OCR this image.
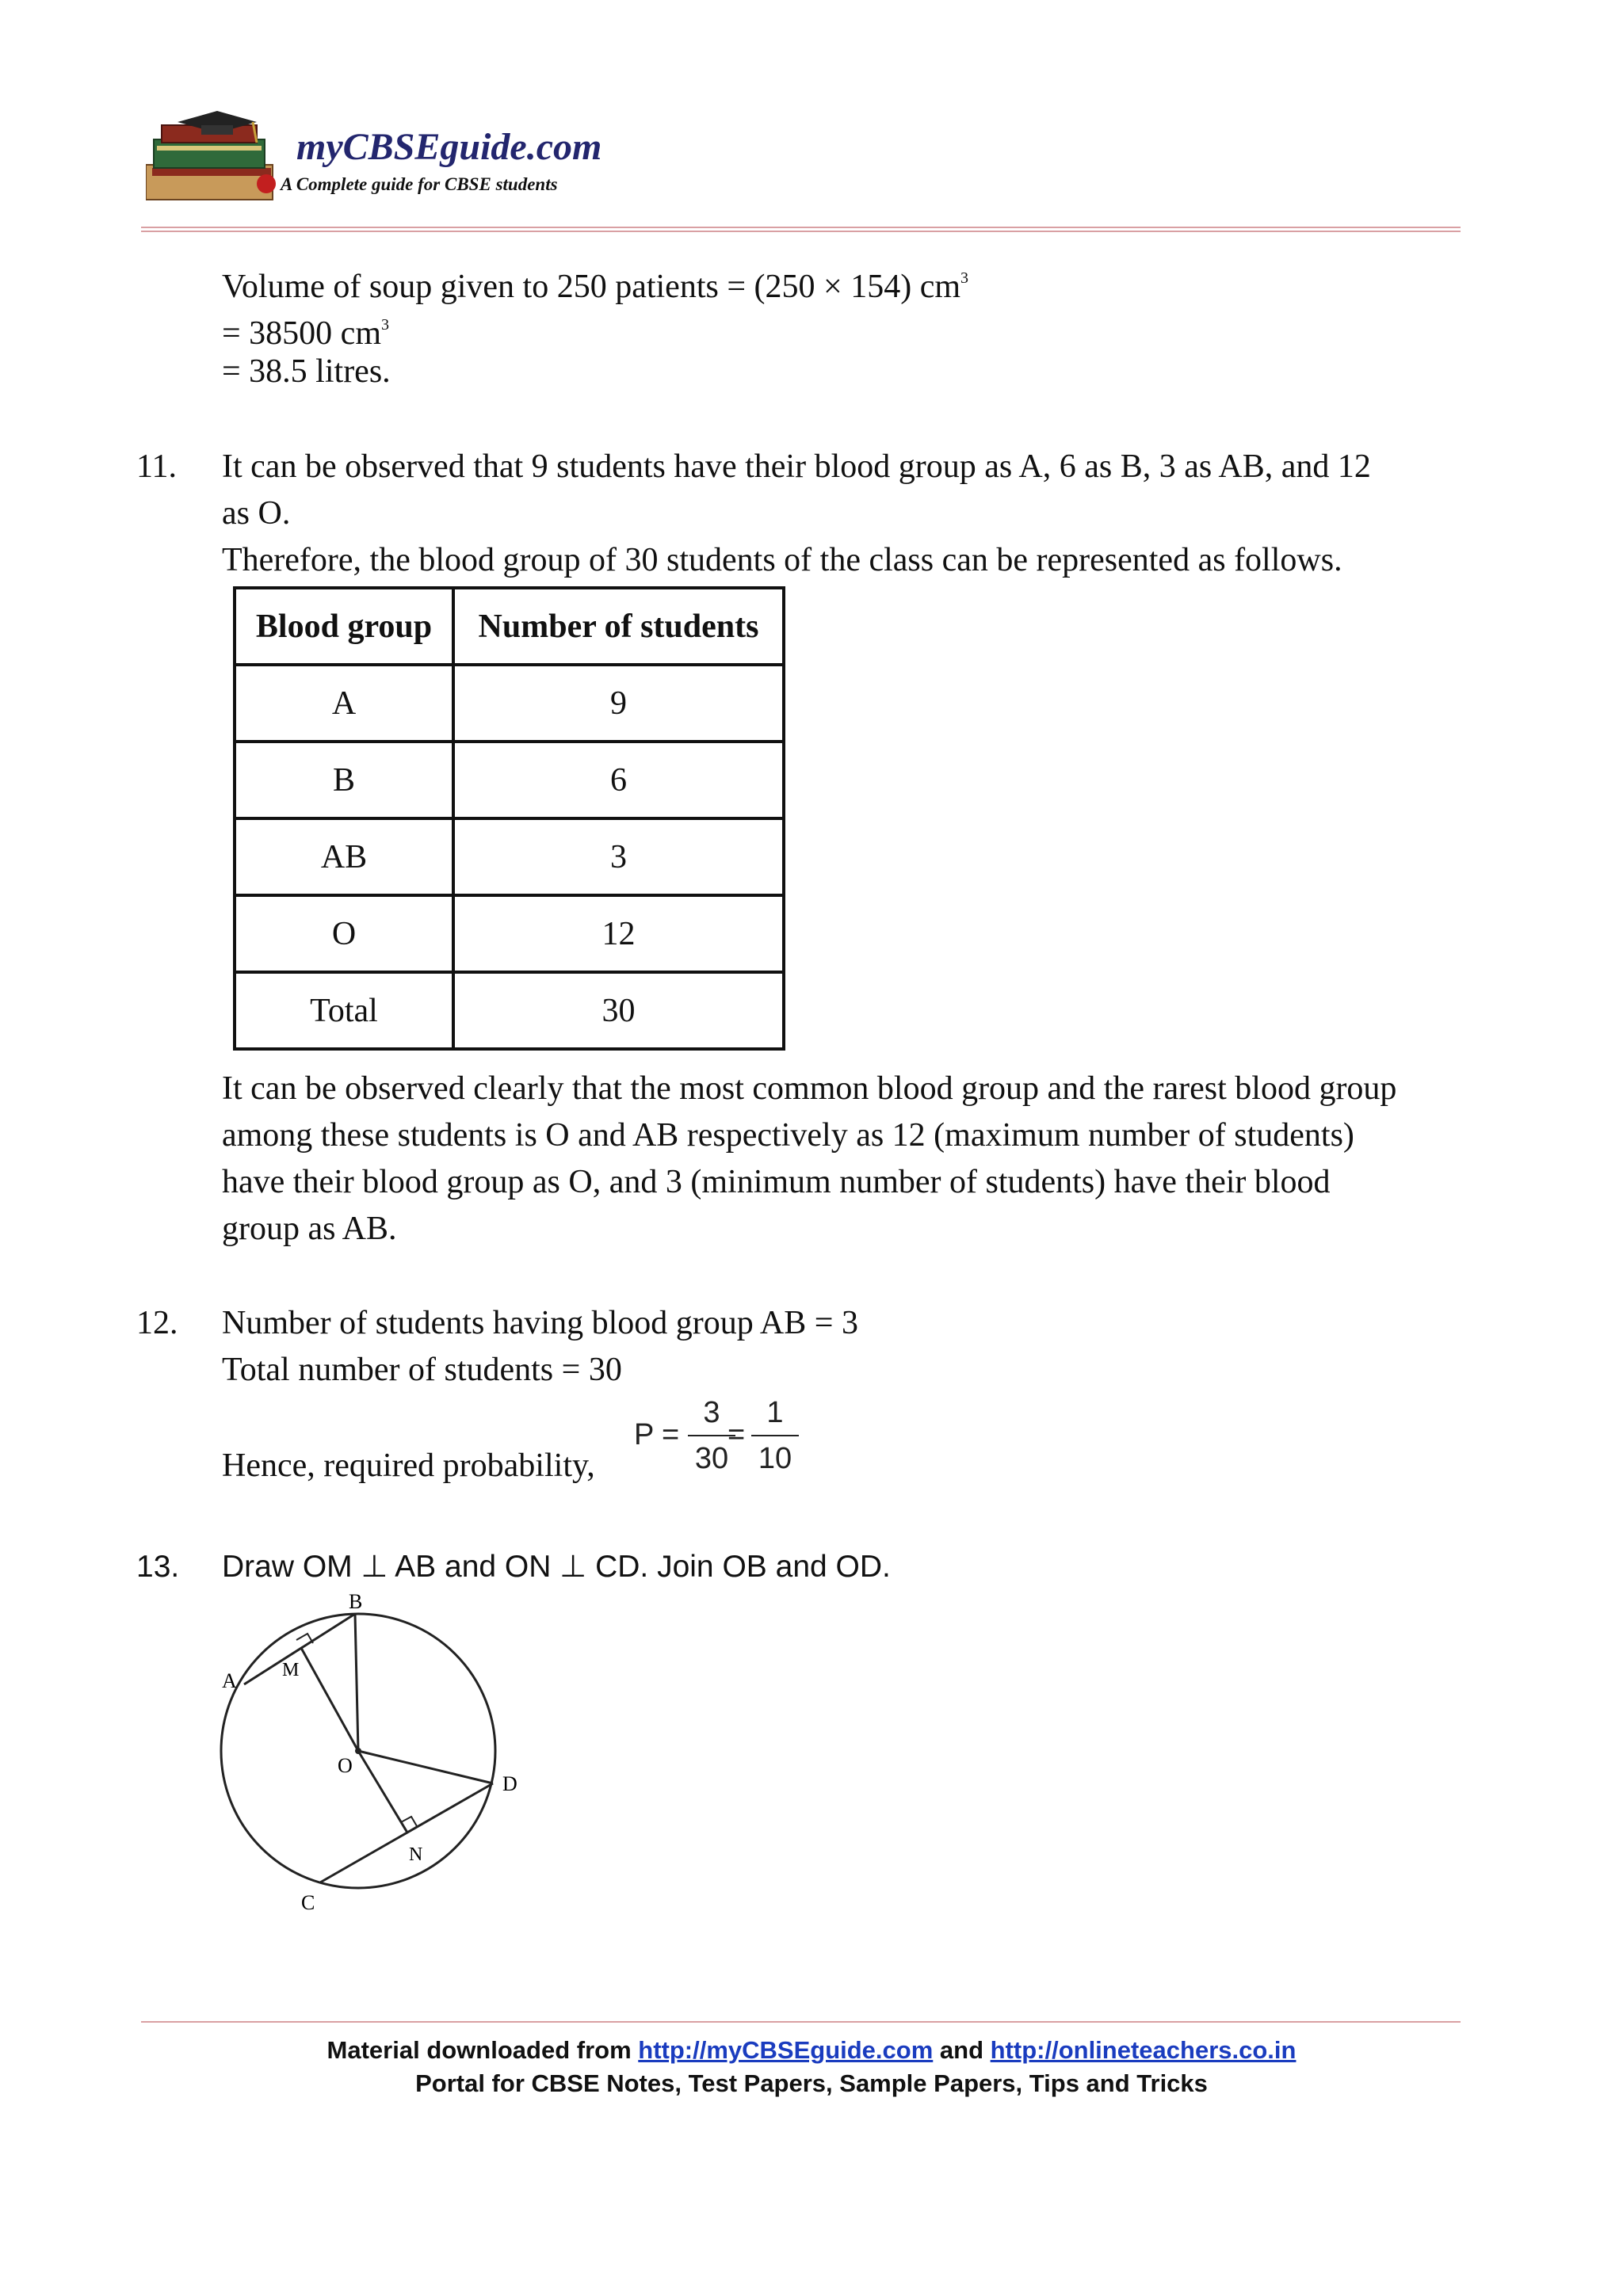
myCBSEguide.com
A Complete guide for CBSE students
Volume of soup given to 250 patients = (250 × 154) $cm^3$
= 38500 $cm^3$
= 38.5 litres.
11. It can be observed that 9 students have their blood group as A, 6 as B, 3 as AB, and 12
as O.
Therefore, the blood group of 30 students of the class can be represented as follows.
Blood group	Number of students
A	9
B	6
AB	3
O	12
Total	30
It can be observed clearly that the most common blood group and the rarest blood group
among these students is O and AB respectively as 12 (maximum number of students)
have their blood group as O, and 3 (minimum number of students) have their blood
group as AB.
12. Number of students having blood group AB = 3
Total number of students = 30
Hence, required probability,
P =
3
30
=
1
10
13. Draw OM ⊥ AB and ON ⊥ CD. Join OB and OD.
B
A M
O
D
N
C
Material downloaded from http://myCBSEguide.com and http://onlineteachers.co.in
Portal for CBSE Notes, Test Papers, Sample Papers, Tips and Tricks
